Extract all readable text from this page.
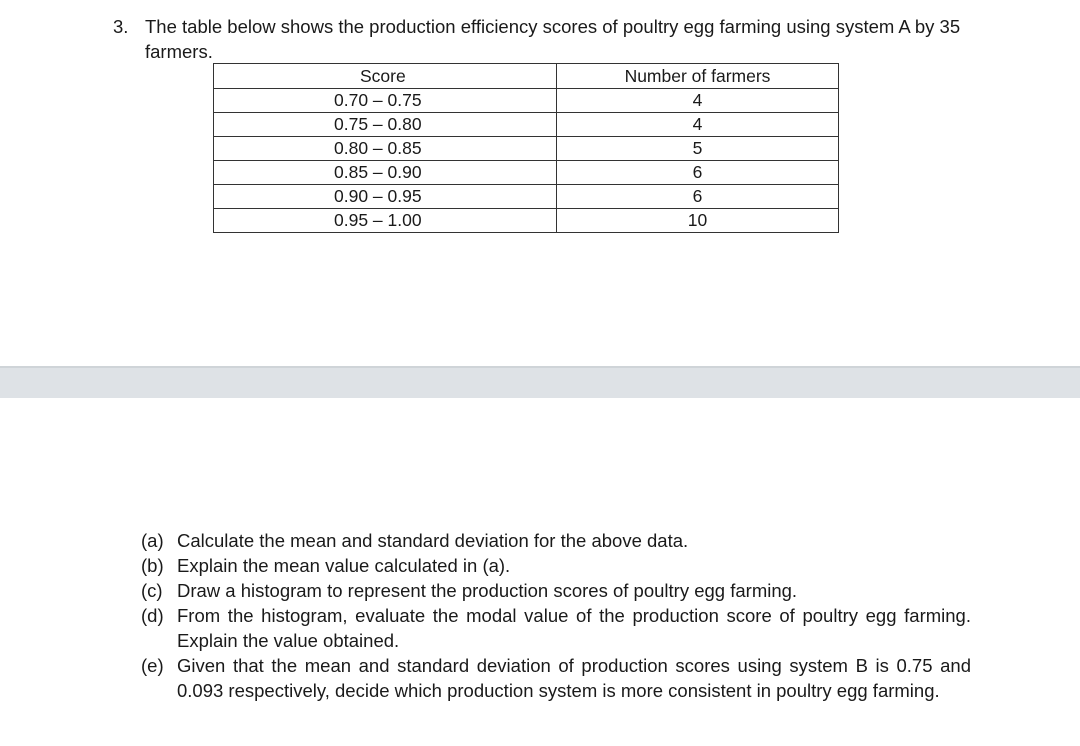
3. The table below shows the production efficiency scores of poultry egg farming using system A by 35 farmers.
Score	Number of farmers
0.70 – 0.75	4
0.75 – 0.80	4
0.80 – 0.85	5
0.85 – 0.90	6
0.90 – 0.95	6
0.95 – 1.00	10
(a) Calculate the mean and standard deviation for the above data.
(b) Explain the mean value calculated in (a).
(c) Draw a histogram to represent the production scores of poultry egg farming.
(d) From the histogram, evaluate the modal value of the production score of poultry egg farming. Explain the value obtained.
(e) Given that the mean and standard deviation of production scores using system B is 0.75 and 0.093 respectively, decide which production system is more consistent in poultry egg farming.
